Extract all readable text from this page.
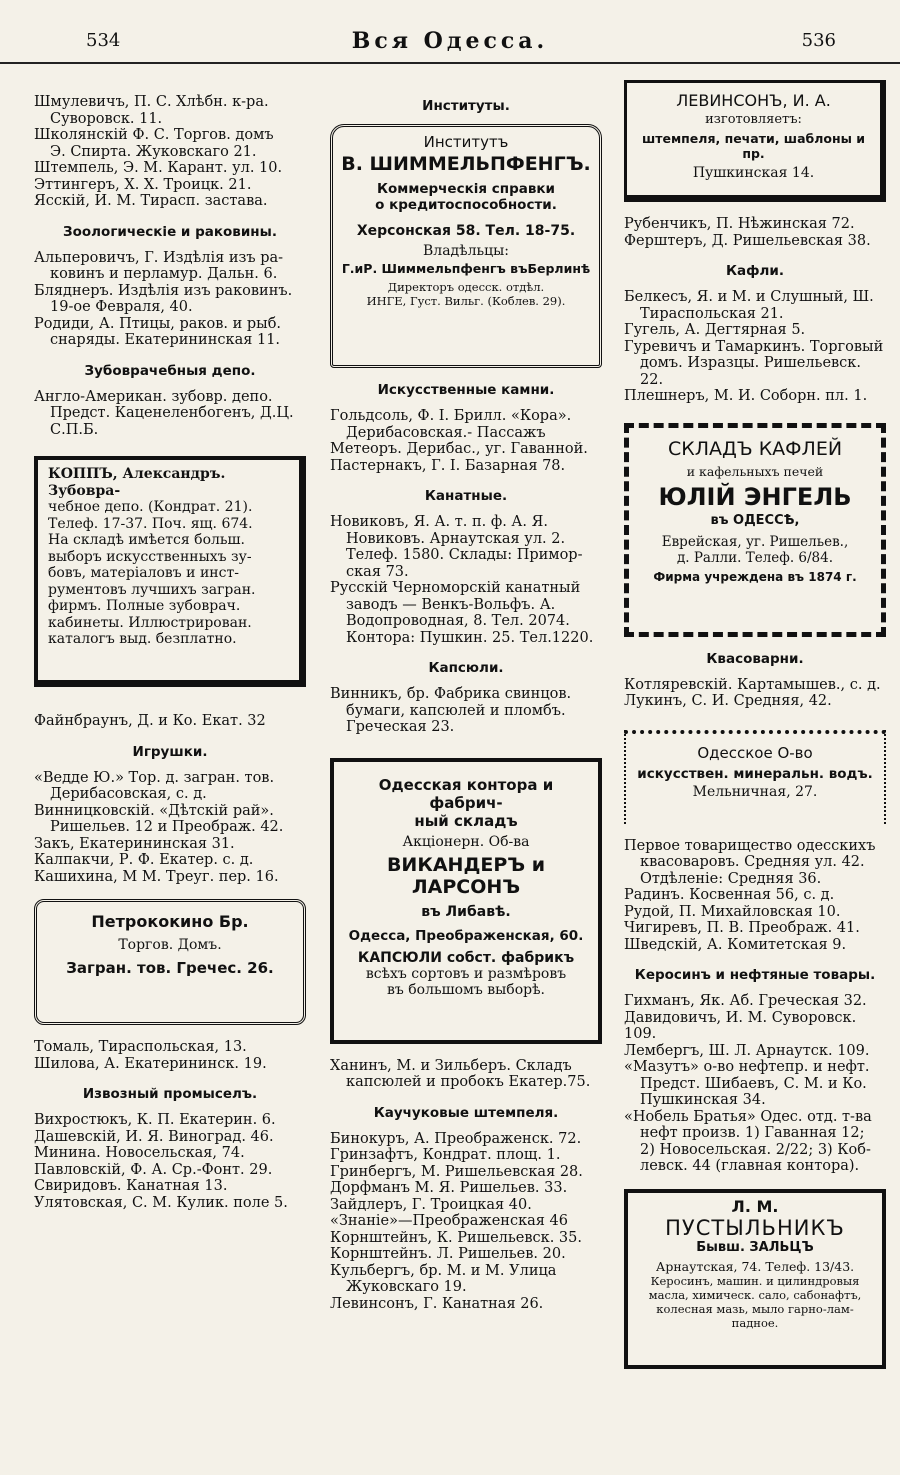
534	Вся Одесса.	536
Шмулевичъ, П. С. Хлѣбн. к-ра.
Суворовск. 11.
Школянскій Ф. С. Торгов. домъ
Э. Спирта. Жуковскаго 21.
Штемпель, Э. М. Карант. ул. 10.
Эттингеръ, Х. Х. Троицк. 21.
Ясскій, И. М. Тирасп. застава.
Зоологическіе и раковины.
Альперовичъ, Г. Издѣлія изъ ра-
ковинъ и перламур. Дальн. 6.
Бляднеръ. Издѣлія изъ раковинъ.
19-ое Февраля, 40.
Родиди, А. Птицы, раков. и рыб.
снаряды. Екатерининская 11.
Зубоврачебныя депо.
Англо-Американ. зубовр. депо.
Предст. Каценеленбогенъ, Д.Ц.
С.П.Б.
КОППЪ, Александръ. Зубовра-
чебное депо. (Кондрат. 21).
Телеф. 17-37. Поч. ящ. 674.
На складѣ имѣется больш.
выборъ искусственныхъ зу-
бовъ, матеріаловъ и инст-
рументовъ лучшихъ загран.
фирмъ. Полные зубоврач.
кабинеты. Иллюстрирован.
каталогъ выд. безплатно.
Файнбраунъ, Д. и Ко. Екат. 32
Игрушки.
«Ведде Ю.» Тор. д. загран. тов.
Дерибасовская, с. д.
Винницковскій. «Дѣтскій рай».
Ришельев. 12 и Преображ. 42.
Закъ, Екатерининская 31.
Калпакчи, Р. Ф. Екатер. с. д.
Кашихина, М М. Треуг. пер. 16.
Петрококино Бр.
Торгов. Домъ.
Загран. тов. Гречес. 26.
Томаль, Тираспольская, 13.
Шилова, А. Екатерининск. 19.
Извозный промыселъ.
Вихростюкъ, К. П. Екатерин. 6.
Дашевскій, И. Я. Виноград. 46.
Минина. Новосельская, 74.
Павловскій, Ф. А. Ср.-Фонт. 29.
Свиридовъ. Канатная 13.
Улятовская, С. М. Кулик. поле 5.
Институты.
Институтъ
В. ШИММЕЛЬПФЕНГЪ.
Коммерческія справки
о кредитоспособности.
Херсонская 58. Тел. 18-75.
Владѣльцы:
Г.иР. Шиммельпфенгъ въБерлинѣ
Директоръ одесск. отдѣл.
ИНГЕ, Густ. Вильг. (Коблев. 29).
Искусственные камни.
Гольдсоль, Ф. І. Брилл. «Кора».
Дерибасовская.- Пассажъ
Метеоръ. Дерибас., уг. Гаванной.
Пастернакъ, Г. І. Базарная 78.
Канатные.
Новиковъ, Я. А. т. п. ф. А. Я.
Новиковъ. Арнаутская ул. 2.
Телеф. 1580. Склады: Примор-
ская 73.
Русскій Черноморскій канатный
заводъ — Венкъ-Вольфъ. А.
Водопроводная, 8. Тел. 2074.
Контора: Пушкин. 25. Тел.1220.
Капсюли.
Винникъ, бр. Фабрика свинцов.
бумаги, капсюлей и пломбъ.
Греческая 23.
Одесская контора и фабрич-
ный складъ
Акціонерн. Об-ва
ВИКАНДЕРЪ и ЛАРСОНЪ
въ Либавѣ.
Одесса, Преображенская, 60.
КАПСЮЛИ собст. фабрикъ
всѣхъ сортовъ и размѣровъ
въ большомъ выборѣ.
Ханинъ, М. и Зильберъ. Складъ
капсюлей и пробокъ Екатер.75.
Каучуковые штемпеля.
Бинокуръ, А. Преображенск. 72.
Гринзафтъ, Кондрат. площ. 1.
Гринбергъ, М. Ришельевская 28.
Дорфманъ М. Я. Ришельев. 33.
Зайдлеръ, Г. Троицкая 40.
«Знаніе»—Преображенская 46
Корнштейнъ, К. Ришельевск. 35.
Корнштейнъ. Л. Ришельев. 20.
Кульбергъ, бр. М. и М. Улица
Жуковскаго 19.
Левинсонъ, Г. Канатная 26.
ЛЕВИНСОНЪ, И. А.
изготовляетъ:
штемпеля, печати, шаблоны и пр.
Пушкинская 14.
Рубенчикъ, П. Нѣжинская 72.
Ферштеръ, Д. Ришельевская 38.
Кафли.
Белкесъ, Я. и М. и Слушный, Ш.
Тираспольская 21.
Гугель, А. Дегтярная 5.
Гуревичъ и Тамаркинъ. Торговый
домъ. Изразцы. Ришельевск. 22.
Плешнеръ, М. И. Соборн. пл. 1.
СКЛАДЪ КАФЛЕЙ
и кафельныхъ печей
ЮЛІЙ ЭНГЕЛЬ
въ ОДЕССѢ,
Еврейская, уг. Ришельев.,
д. Ралли. Телеф. 6/84.
Фирма учреждена въ 1874 г.
Квасоварни.
Котляревскій. Картамышев., с. д.
Лукинъ, С. И. Средняя, 42.
Одесское О-во
искусствен. минеральн. водъ.
Мельничная, 27.
Первое товарищество одесскихъ
квасоваровъ. Средняя ул. 42.
Отдѣленіе: Средняя 36.
Радинъ. Косвенная 56, с. д.
Рудой, П. Михайловская 10.
Чигиревъ, П. В. Преображ. 41.
Шведскій, А. Комитетская 9.
Керосинъ и нефтяные товары.
Гихманъ, Як. Аб. Греческая 32.
Давидовичъ, И. М. Суворовск. 109.
Лембергъ, Ш. Л. Арнаутск. 109.
«Мазутъ» о-во нефтепр. и нефт.
Предст. Шибаевъ, С. М. и Ко.
Пушкинская 34.
«Нобель Братья» Одес. отд. т-ва
нефт произв. 1) Гаванная 12;
2) Новосельская. 2/22; 3) Коб-
левск. 44 (главная контора).
Л. М.
ПУСТЫЛЬНИКЪ
Бывш. ЗАЛЬЦЪ
Арнаутская, 74. Телеф. 13/43.
Керосинъ, машин. и цилиндровыя
масла, химическ. сало, сабонафтъ,
колесная мазь, мыло гарно-лам-
падное.
